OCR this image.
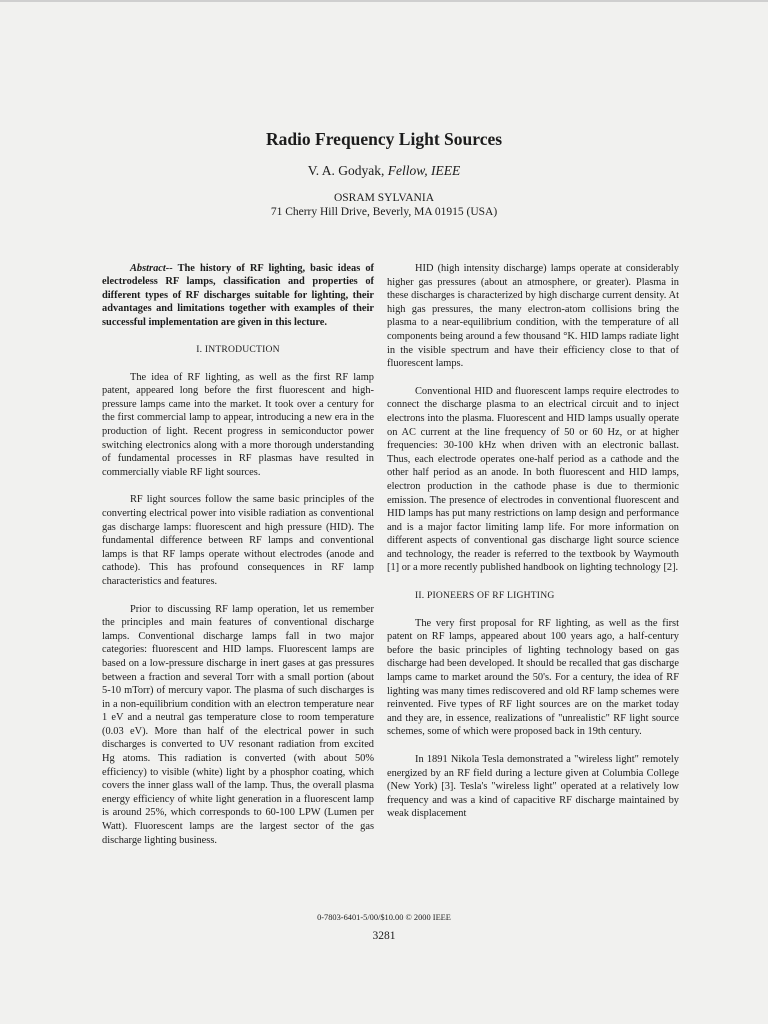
Radio Frequency Light Sources
V. A. Godyak, Fellow, IEEE
OSRAM SYLVANIA
71 Cherry Hill Drive, Beverly, MA 01915 (USA)

Abstract-- The history of RF lighting, basic ideas of electrodeless RF lamps, classification and properties of different types of RF discharges suitable for lighting, their advantages and limitations together with examples of their successful implementation are given in this lecture.

I. INTRODUCTION

The idea of RF lighting, as well as the first RF lamp patent, appeared long before the first fluorescent and high-pressure lamps came into the market. It took over a century for the first commercial lamp to appear, introducing a new era in the production of light. Recent progress in semiconductor power switching electronics along with a more thorough understanding of fundamental processes in RF plasmas have resulted in commercially viable RF light sources.

RF light sources follow the same basic principles of the converting electrical power into visible radiation as conventional gas discharge lamps: fluorescent and high pressure (HID). The fundamental difference between RF lamps and conventional lamps is that RF lamps operate without electrodes (anode and cathode). This has profound consequences in RF lamp characteristics and features.

Prior to discussing RF lamp operation, let us remember the principles and main features of conventional discharge lamps. Conventional discharge lamps fall in two major categories: fluorescent and HID lamps. Fluorescent lamps are based on a low-pressure discharge in inert gases at gas pressures between a fraction and several Torr with a small portion (about 5-10 mTorr) of mercury vapor. The plasma of such discharges is in a non-equilibrium condition with an electron temperature near 1 eV and a neutral gas temperature close to room temperature (0.03 eV). More than half of the electrical power in such discharges is converted to UV resonant radiation from excited Hg atoms. This radiation is converted (with about 50% efficiency) to visible (white) light by a phosphor coating, which covers the inner glass wall of the lamp. Thus, the overall plasma energy efficiency of white light generation in a fluorescent lamp is around 25%, which corresponds to 60-100 LPW (Lumen per Watt). Fluorescent lamps are the largest sector of the gas discharge lighting business.

HID (high intensity discharge) lamps operate at considerably higher gas pressures (about an atmosphere, or greater). Plasma in these discharges is characterized by high discharge current density. At high gas pressures, the many electron-atom collisions bring the plasma to a near-equilibrium condition, with the temperature of all components being around a few thousand °K. HID lamps radiate light in the visible spectrum and have their efficiency close to that of fluorescent lamps.

Conventional HID and fluorescent lamps require electrodes to connect the discharge plasma to an electrical circuit and to inject electrons into the plasma. Fluorescent and HID lamps usually operate on AC current at the line frequency of 50 or 60 Hz, or at higher frequencies: 30-100 kHz when driven with an electronic ballast. Thus, each electrode operates one-half period as a cathode and the other half period as an anode. In both fluorescent and HID lamps, electron production in the cathode phase is due to thermionic emission. The presence of electrodes in conventional fluorescent and HID lamps has put many restrictions on lamp design and performance and is a major factor limiting lamp life. For more information on different aspects of conventional gas discharge light source science and technology, the reader is referred to the textbook by Waymouth [1] or a more recently published handbook on lighting technology [2].

II. PIONEERS OF RF LIGHTING

The very first proposal for RF lighting, as well as the first patent on RF lamps, appeared about 100 years ago, a half-century before the basic principles of lighting technology based on gas discharge had been developed. It should be recalled that gas discharge lamps came to market around the 50's. For a century, the idea of RF lighting was many times rediscovered and old RF lamp schemes were reinvented. Five types of RF light sources are on the market today and they are, in essence, realizations of "unrealistic" RF light source schemes, some of which were proposed back in 19th century.

In 1891 Nikola Tesla demonstrated a "wireless light" remotely energized by an RF field during a lecture given at Columbia College (New York) [3]. Tesla's "wireless light" operated at a relatively low frequency and was a kind of capacitive RF discharge maintained by weak displacement

0-7803-6401-5/00/$10.00 © 2000 IEEE
3281
